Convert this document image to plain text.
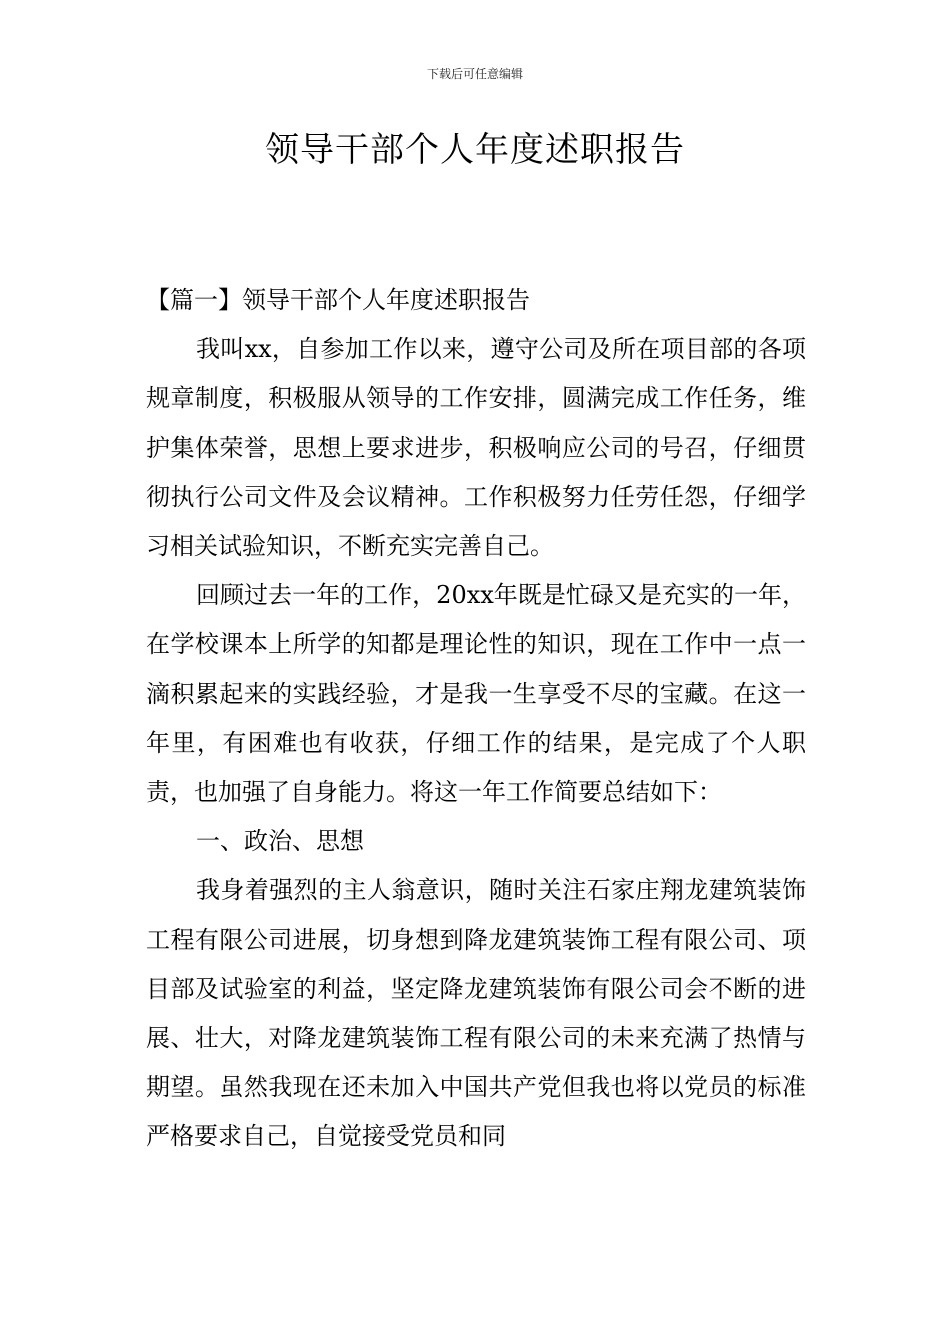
下载后可任意编辑
领导干部个人年度述职报告

【篇一】领导干部个人年度述职报告

我叫xx，自参加工作以来，遵守公司及所在项目部的各项规章制度，积极服从领导的工作安排，圆满完成工作任务，维护集体荣誉，思想上要求进步，积极响应公司的号召，仔细贯彻执行公司文件及会议精神。工作积极努力任劳任怨，仔细学习相关试验知识，不断充实完善自己。

回顾过去一年的工作，20xx年既是忙碌又是充实的一年，在学校课本上所学的知都是理论性的知识，现在工作中一点一滴积累起来的实践经验，才是我一生享受不尽的宝藏。在这一年里，有困难也有收获，仔细工作的结果，是完成了个人职责，也加强了自身能力。将这一年工作简要总结如下：

一、政治、思想

我身着强烈的主人翁意识，随时关注石家庄翔龙建筑装饰工程有限公司进展，切身想到降龙建筑装饰工程有限公司、项目部及试验室的利益，坚定降龙建筑装饰有限公司会不断的进展、壮大，对降龙建筑装饰工程有限公司的未来充满了热情与期望。虽然我现在还未加入中国共产党但我也将以党员的标准严格要求自己，自觉接受党员和同
